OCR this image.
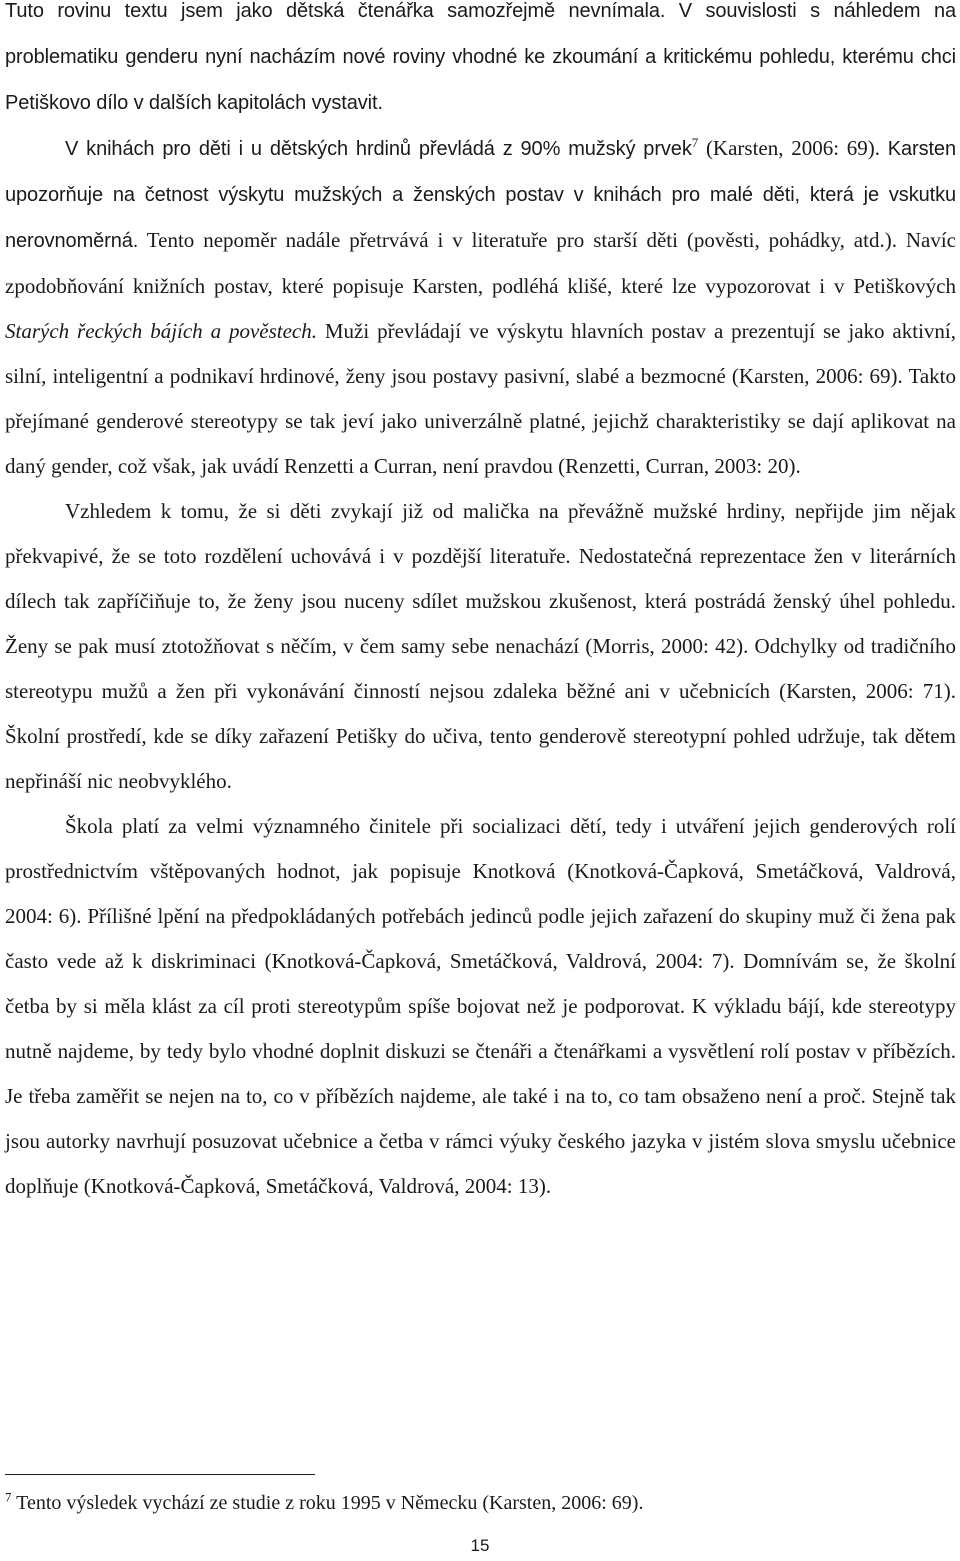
Tuto rovinu textu jsem jako dětská čtenářka samozřejmě nevnímala. V souvislosti s náhledem na problematiku genderu nyní nacházím nové roviny vhodné ke zkoumání a kritickému pohledu, kterému chci Petiškovo dílo v dalších kapitolách vystavit.

V knihách pro děti i u dětských hrdinů převládá z 90% mužský prvek$^7$ (Karsten, 2006: 69). Karsten upozorňuje na četnost výskytu mužských a ženských postav v knihách pro malé děti, která je vskutku nerovnoměrná. Tento nepoměr nadále přetrvává i v literatuře pro starší děti (pověsti, pohádky, atd.). Navíc zpodobňování knižních postav, které popisuje Karsten, podléhá klišé, které lze vypozorovat i v Petiškových Starých řeckých bájích a pověstech. Muži převládají ve výskytu hlavních postav a prezentují se jako aktivní, silní, inteligentní a podnikaví hrdinové, ženy jsou postavy pasivní, slabé a bezmocné (Karsten, 2006: 69). Takto přejímané genderové stereotypy se tak jeví jako univerzálně platné, jejichž charakteristiky se dají aplikovat na daný gender, což však, jak uvádí Renzetti a Curran, není pravdou (Renzetti, Curran, 2003: 20).

Vzhledem k tomu, že si děti zvykají již od malička na převážně mužské hrdiny, nepřijde jim nějak překvapivé, že se toto rozdělení uchovává i v pozdější literatuře. Nedostatečná reprezentace žen v literárních dílech tak zapříčiňuje to, že ženy jsou nuceny sdílet mužskou zkušenost, která postrádá ženský úhel pohledu. Ženy se pak musí ztotožňovat s něčím, v čem samy sebe nenachází (Morris, 2000: 42). Odchylky od tradičního stereotypu mužů a žen při vykonávání činností nejsou zdaleka běžné ani v učebnicích (Karsten, 2006: 71). Školní prostředí, kde se díky zařazení Petišky do učiva, tento genderově stereotypní pohled udržuje, tak dětem nepřináší nic neobvyklého.

Škola platí za velmi významného činitele při socializaci dětí, tedy i utváření jejich genderových rolí prostřednictvím vštěpovaných hodnot, jak popisuje Knotková (Knotková-Čapková, Smetáčková, Valdrová, 2004: 6). Přílišné lpění na předpokládaných potřebách jedinců podle jejich zařazení do skupiny muž či žena pak často vede až k diskriminaci (Knotková-Čapková, Smetáčková, Valdrová, 2004: 7). Domnívám se, že školní četba by si měla klást za cíl proti stereotypům spíše bojovat než je podporovat. K výkladu bájí, kde stereotypy nutně najdeme, by tedy bylo vhodné doplnit diskuzi se čtenáři a čtenářkami a vysvětlení rolí postav v příbězích. Je třeba zaměřit se nejen na to, co v příbězích najdeme, ale také i na to, co tam obsaženo není a proč. Stejně tak jsou autorky navrhují posuzovat učebnice a četba v rámci výuky českého jazyka v jistém slova smyslu učebnice doplňuje (Knotková-Čapková, Smetáčková, Valdrová, 2004: 13).

$^7$ Tento výsledek vychází ze studie z roku 1995 v Německu (Karsten, 2006: 69).
15
